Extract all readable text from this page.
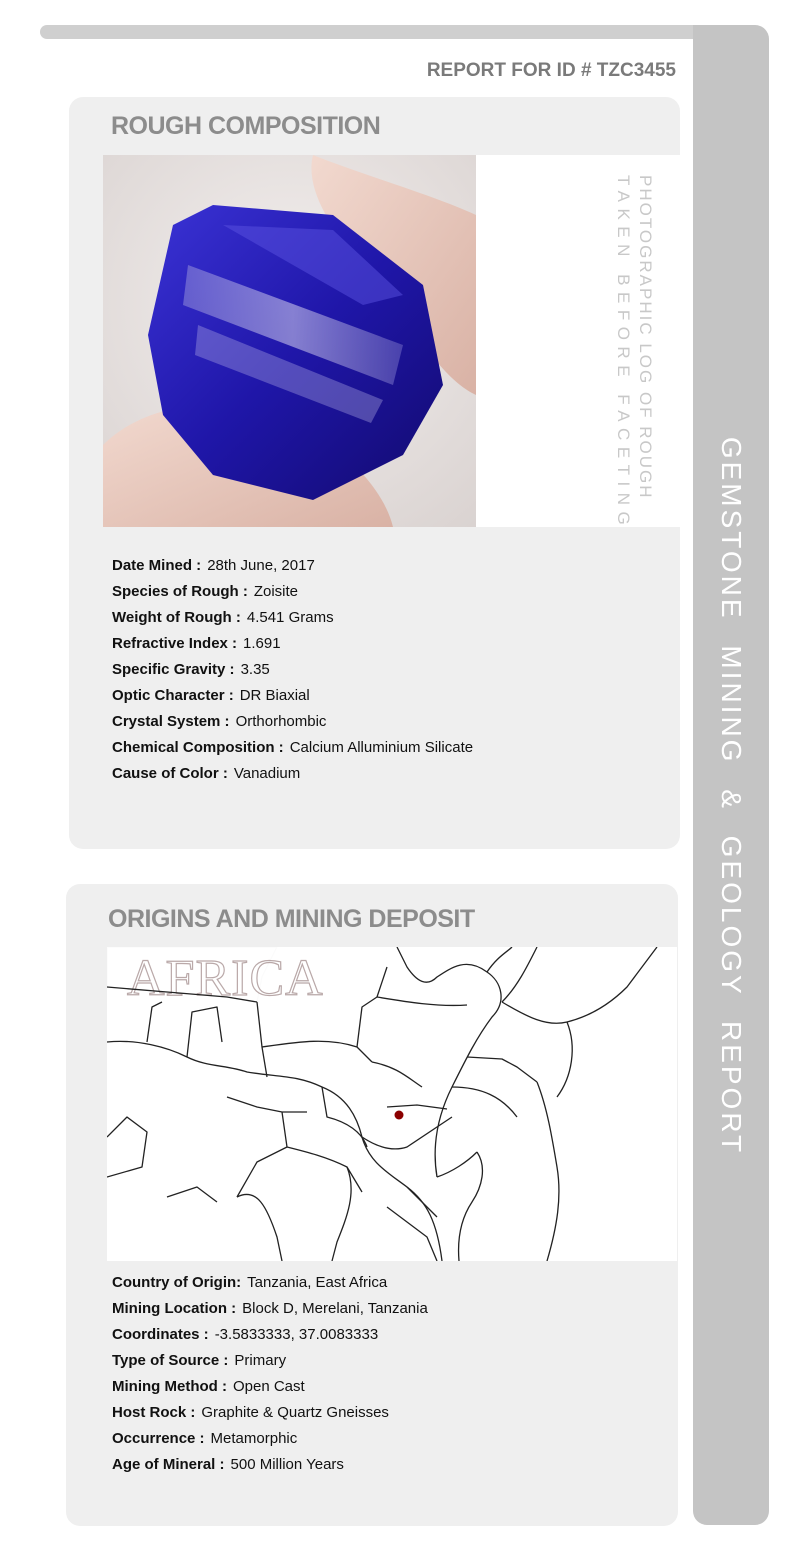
GEMSTONE MINING & GEOLOGY REPORT
REPORT FOR ID # TZC3455
ROUGH COMPOSITION
PHOTOGRAPHIC LOG OF ROUGH
TAKEN BEFORE FACETING
Date Mined : 28th June, 2017
Species of Rough : Zoisite
Weight of Rough : 4.541 Grams
Refractive Index : 1.691
Specific Gravity : 3.35
Optic Character : DR Biaxial
Crystal System : Orthorhombic
Chemical Composition : Calcium Alluminium Silicate
Cause of Color : Vanadium
ORIGINS AND MINING DEPOSIT
AFRICA
Country of Origin: Tanzania, East Africa
Mining Location : Block D, Merelani, Tanzania
Coordinates : -3.5833333, 37.0083333
Type of Source : Primary
Mining Method : Open Cast
Host Rock : Graphite & Quartz Gneisses
Occurrence : Metamorphic
Age of Mineral : 500 Million Years
